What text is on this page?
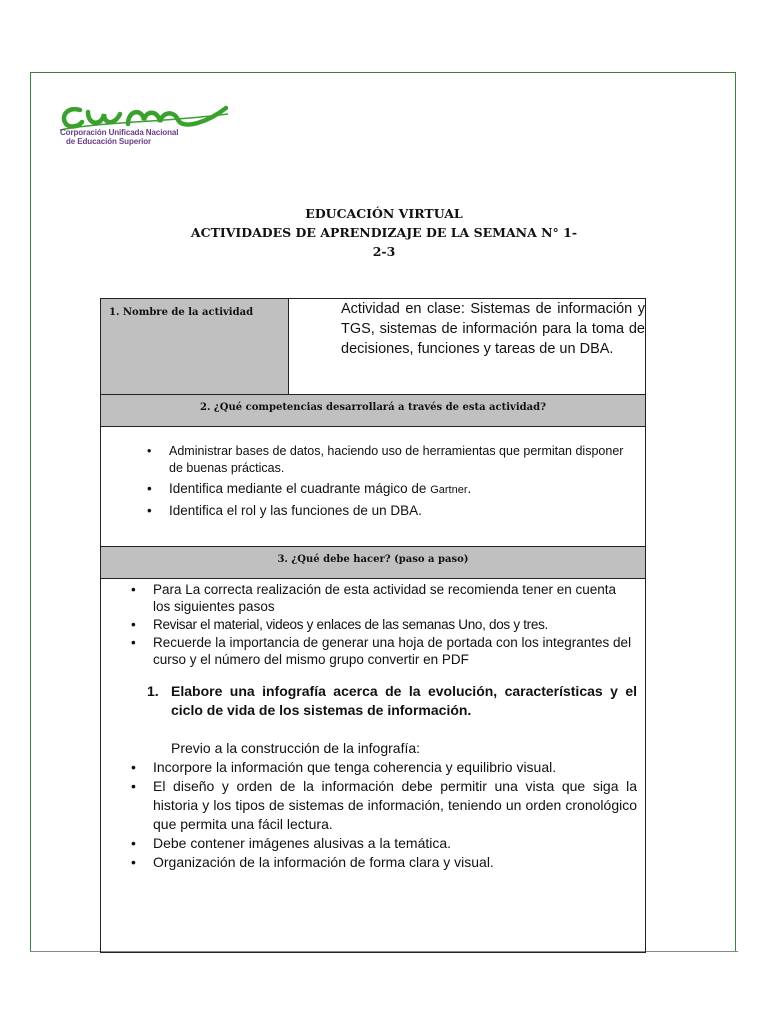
Corporación Unificada Nacional
de Educación Superior
EDUCACIÓN VIRTUAL
ACTIVIDADES DE APRENDIZAJE DE LA SEMANA N° 1-
2-3
1. Nombre de la actividad	Actividad en clase: Sistemas de información y TGS, sistemas de información para la toma de decisiones, funciones y tareas de un DBA.
2. ¿Qué competencias desarrollará a través de esta actividad?

• Administrar bases de datos, haciendo uso de herramientas que permitan disponer de buenas prácticas.
• Identifica mediante el cuadrante mágico de Gartner.
• Identifica el rol y las funciones de un DBA.

3. ¿Qué debe hacer? (paso a paso)

• Para La correcta realización de esta actividad se recomienda tener en cuenta los siguientes pasos
• Revisar el material, videos y enlaces de las semanas Uno, dos y tres.
• Recuerde la importancia de generar una hoja de portada con los integrantes del curso y el número del mismo grupo convertir en PDF
1. Elabore una infografía acerca de la evolución, características y el ciclo de vida de los sistemas de información.
Previo a la construcción de la infografía:
• Incorpore la información que tenga coherencia y equilibrio visual.
• El diseño y orden de la información debe permitir una vista que siga la historia y los tipos de sistemas de información, teniendo un orden cronológico que permita una fácil lectura.
• Debe contener imágenes alusivas a la temática.
• Organización de la información de forma clara y visual.
